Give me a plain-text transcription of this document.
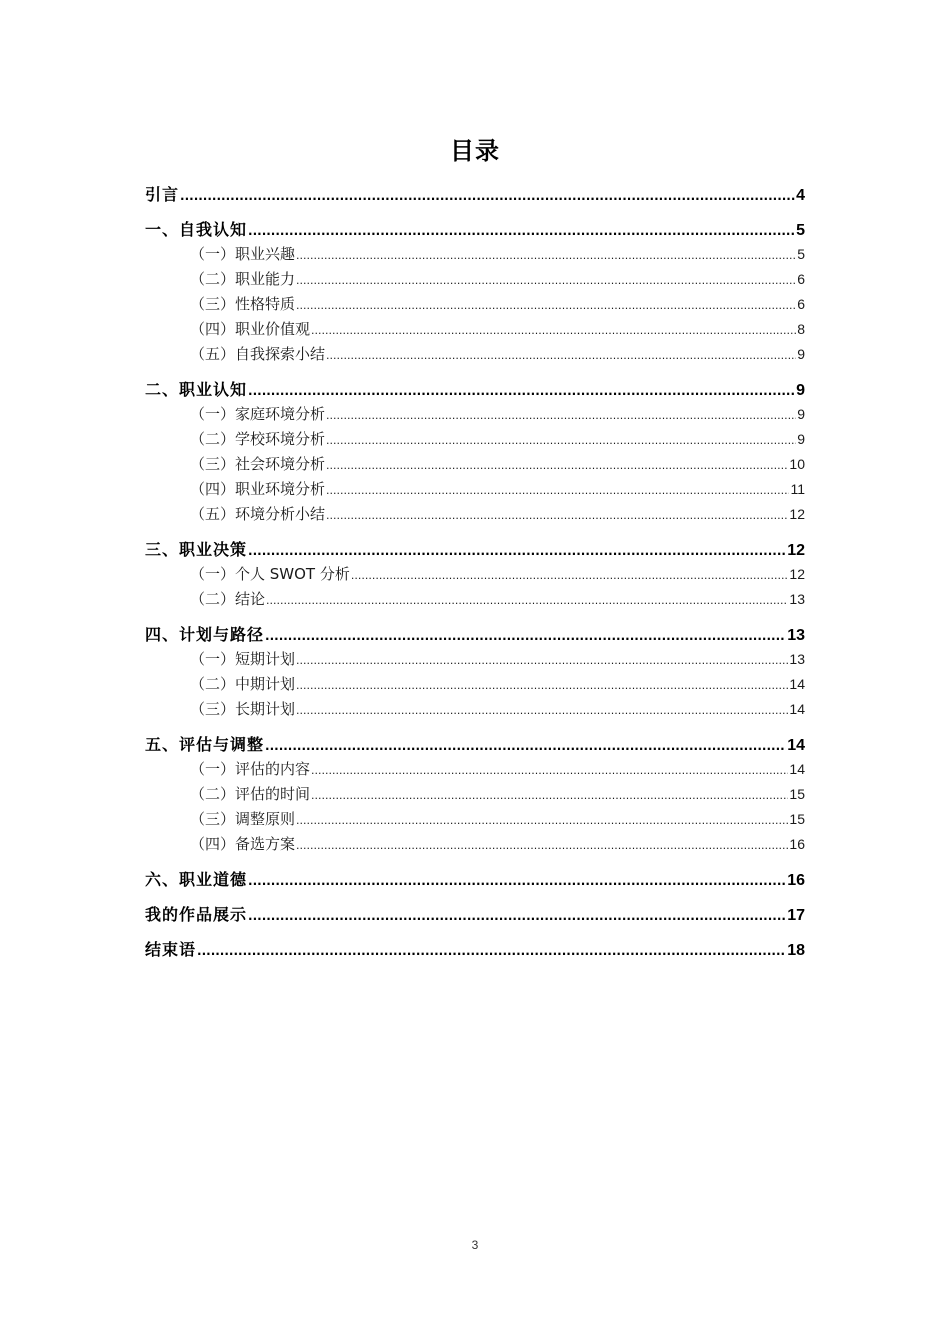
目录
引言 .....	4
一、自我认知 .....	5
（一）职业兴趣 .....	5
（二）职业能力 .....	6
（三）性格特质 .....	6
（四）职业价值观 .....	8
（五）自我探索小结 .....	9
二、职业认知 .....	9
（一）家庭环境分析 .....	9
（二）学校环境分析 .....	9
（三）社会环境分析 .....	10
（四）职业环境分析 .....	11
（五）环境分析小结 .....	12
三、职业决策 .....	12
（一）个人 SWOT 分析 .....	12
（二）结论 .....	13
四、计划与路径 .....	13
（一）短期计划 .....	13
（二）中期计划 .....	14
（三）长期计划 .....	14
五、评估与调整 .....	14
（一）评估的内容 .....	14
（二）评估的时间 .....	15
（三）调整原则 .....	15
（四）备选方案 .....	16
六、职业道德 .....	16
我的作品展示 .....	17
结束语 .....	18
3
